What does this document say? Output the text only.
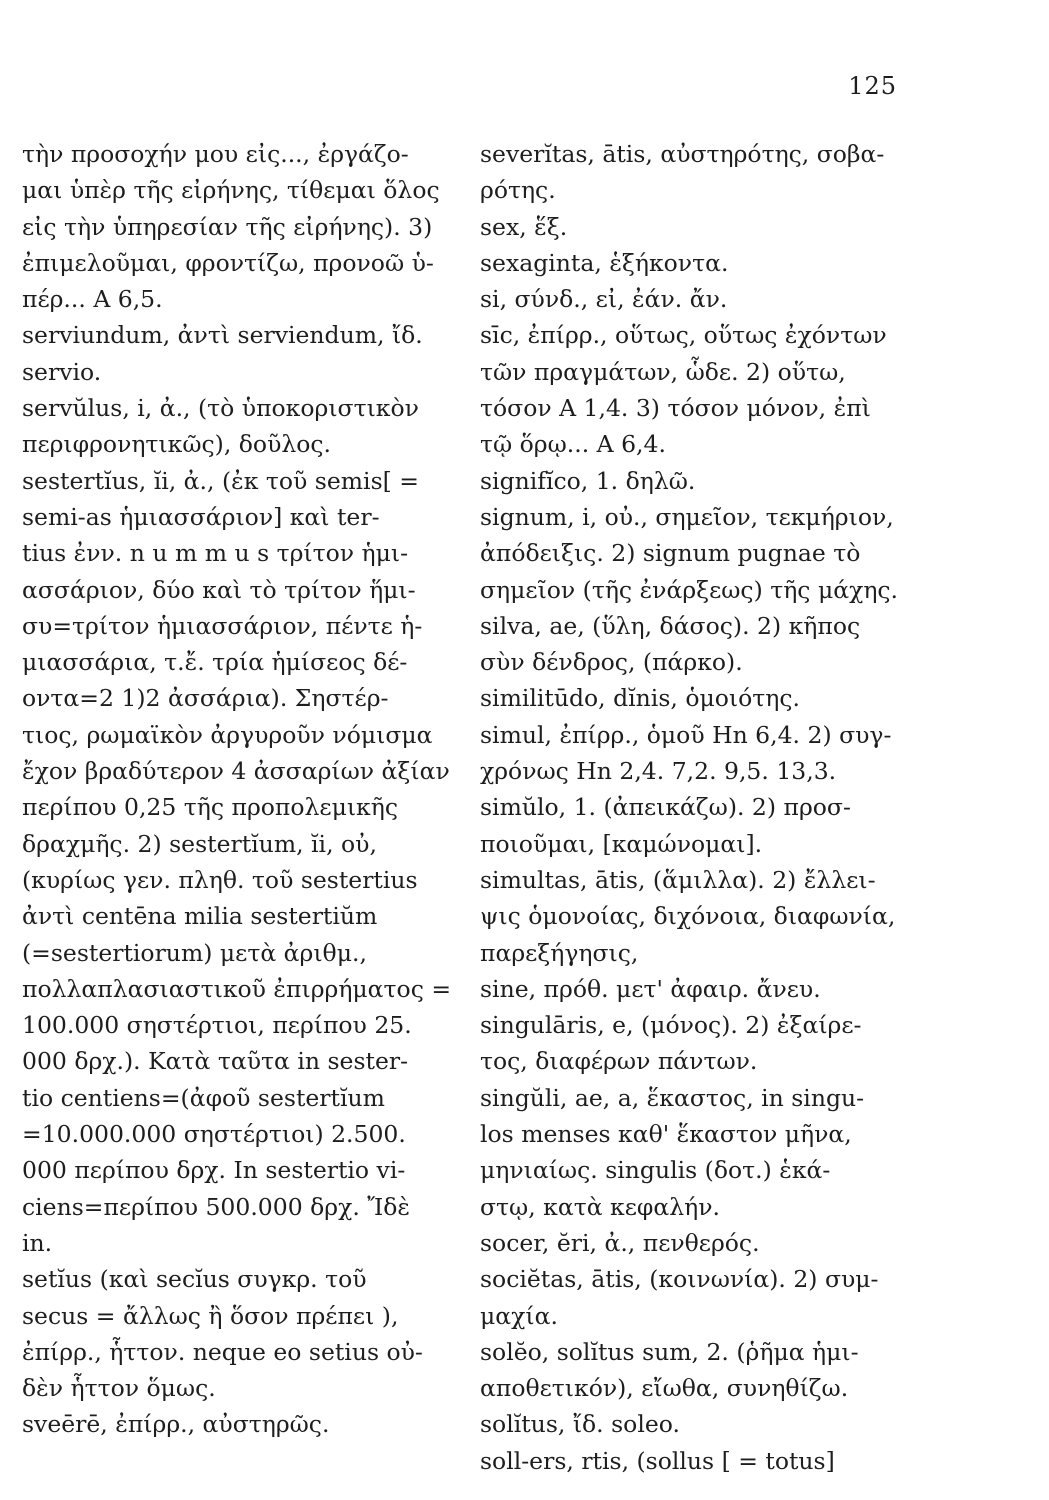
125
τὴν προσοχήν μου εἰς..., ἐργάζο-
μαι ὑπὲρ τῆς εἰρήνης, τίθεμαι ὅλος
εἰς τὴν ὑπηρεσίαν τῆς εἰρήνης). 3)
ἐπιμελοῦμαι, φροντίζω, προνοῶ ὑ-
πέρ... Α 6,5.
serviundum, ἀντὶ serviendum, ἴδ.
servio.
servŭlus, i, ἀ., (τὸ ὑποκοριστικὸν
περιφρονητικῶς), δοῦλος.
sestertĭus, ĭi, ἀ., (ἐκ τοῦ semis[ =
semi-as ἡμιασσάριον] καὶ ter-
tius ἐνν. n u m m u s τρίτον ἡμι-
ασσάριον, δύο καὶ τὸ τρίτον ἥμι-
συ=τρίτον ἡμιασσάριον, πέντε ἡ-
μιασσάρια, τ.ἔ. τρία ἡμίσεος δέ-
οντα=2 1)2 ἀσσάρια). Σηστέρ-
τιος, ρωμαϊκὸν ἀργυροῦν νόμισμα
ἔχον βραδύτερον 4 ἀσσαρίων ἀξίαν
περίπου 0,25 τῆς προπολεμικῆς
δραχμῆς. 2) sestertĭum, ĭi, οὐ,
(κυρίως γεν. πληθ. τοῦ sestertius
ἀντὶ centēna milia sestertiŭm
(=sestertiorum) μετὰ ἀριθμ.,
πολλαπλασιαστικοῦ ἐπιρρήματος =
100.000 σηστέρτιοι, περίπου 25.
000 δρχ.). Κατὰ ταῦτα in sester-
tio centiens=(ἀφοῦ sestertĭum
=10.000.000 σηστέρτιοι) 2.500.
000 περίπου δρχ. In sestertio vi-
ciens=περίπου 500.000 δρχ. Ἴδὲ
in.
setĭus (καὶ secĭus συγκρ. τοῦ
secus = ἄλλως ἢ ὅσον πρέπει ),
ἐπίρρ., ἧττον. neque eo setius οὐ-
δὲν ἧττον ὅμως.
sveērē, ἐπίρρ., αὐστηρῶς.
severĭtas, ātis, αὐστηρότης, σοβα-
ρότης.
sex, ἕξ.
sexaginta, ἑξήκοντα.
si, σύνδ., εἰ, ἐάν. ἄν.
sīc, ἐπίρρ., οὕτως, οὕτως ἐχόντων
τῶν πραγμάτων, ὧδε. 2) οὕτω,
τόσον Α 1,4. 3) τόσον μόνον, ἐπὶ
τῷ ὅρῳ... Α 6,4.
signifĭco, 1. δηλῶ.
signum, i, οὐ., σημεῖον, τεκμήριον,
ἀπόδειξις. 2) signum pugnae τὸ
σημεῖον (τῆς ἐνάρξεως) τῆς μάχης.
silva, ae, (ὕλη, δάσος). 2) κῆπος
σὺν δένδρος, (πάρκο).
similitūdo, dĭnis, ὁμοιότης.
simul, ἐπίρρ., ὁμοῦ Hn 6,4. 2) συγ-
χρόνως Hn 2,4. 7,2. 9,5. 13,3.
simŭlo, 1. (ἀπεικάζω). 2) προσ-
ποιοῦμαι, [καμώνομαι].
simultas, ātis, (ἅμιλλα). 2) ἔλλει-
ψις ὁμονοίας, διχόνοια, διαφωνία,
παρεξήγησις,
sine, πρόθ. μετ' ἀφαιρ. ἄνευ.
singulāris, e, (μόνος). 2) ἐξαίρε-
τος, διαφέρων πάντων.
singŭli, ae, a, ἕκαστος, in singu-
los menses καθ' ἕκαστον μῆνα,
μηνιαίως. singulis (δοτ.) ἑκά-
στῳ, κατὰ κεφαλήν.
socer, ĕri, ἀ., πενθερός.
sociĕtas, ātis, (κοινωνία). 2) συμ-
μαχία.
solĕo, solĭtus sum, 2. (ῥῆμα ἡμι-
αποθετικόν), εἴωθα, συνηθίζω.
solĭtus, ἴδ. soleo.
soll-ers, rtis, (sollus [ = totus]
